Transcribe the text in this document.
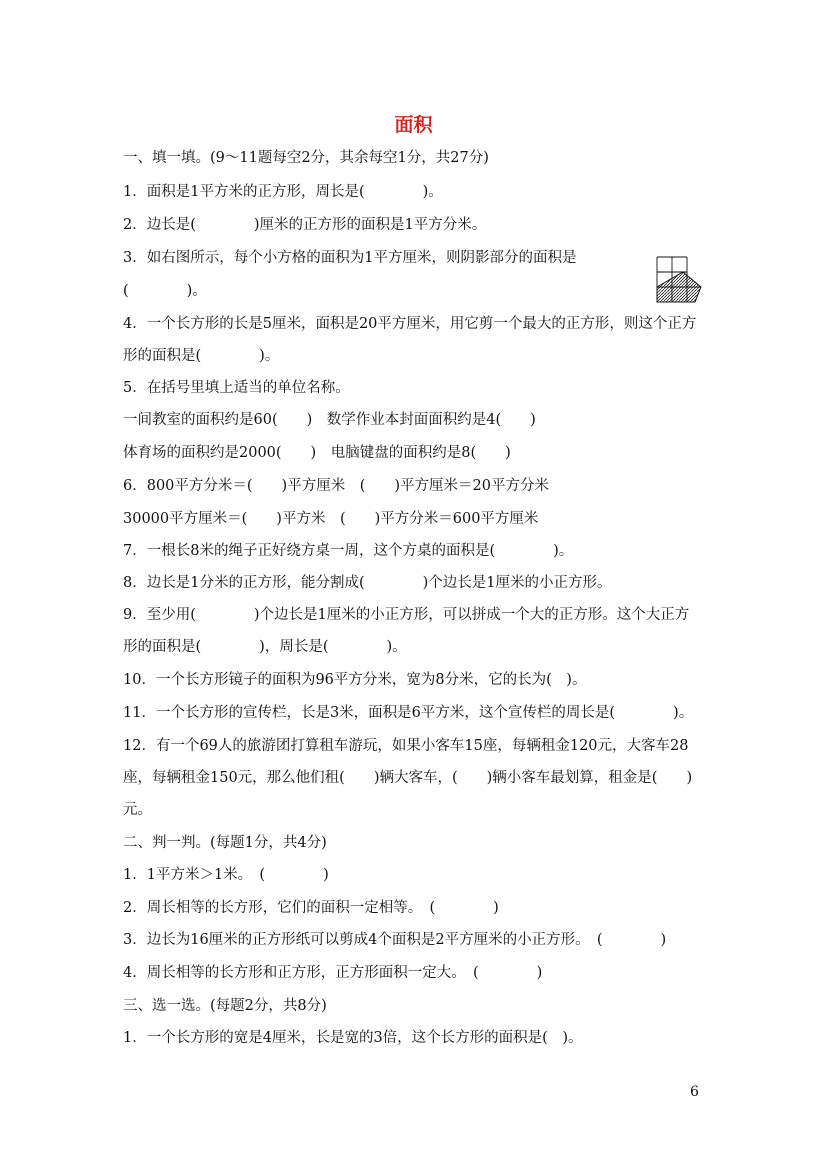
面积
一、填一填。(9～11题每空2分，其余每空1分，共27分)
1．面积是1平方米的正方形，周长是(　　　　)。
2．边长是(　　　　)厘米的正方形的面积是1平方分米。
3．如右图所示，每个小方格的面积为1平方厘米，则阴影部分的面积是
(　　　　)。
4．一个长方形的长是5厘米，面积是20平方厘米，用它剪一个最大的正方形，则这个正方
形的面积是(　　　　)。
5．在括号里填上适当的单位名称。
一间教室的面积约是60(　　)　数学作业本封面面积约是4(　　)
体育场的面积约是2000(　　)　电脑键盘的面积约是8(　　)
6．800平方分米＝(　　)平方厘米　(　　)平方厘米＝20平方分米
30000平方厘米＝(　　)平方米　(　　)平方分米＝600平方厘米
7．一根长8米的绳子正好绕方桌一周，这个方桌的面积是(　　　　)。
8．边长是1分米的正方形，能分割成(　　　　)个边长是1厘米的小正方形。
9．至少用(　　　　)个边长是1厘米的小正方形，可以拼成一个大的正方形。这个大正方
形的面积是(　　　　)，周长是(　　　　)。
10．一个长方形镜子的面积为96平方分米，宽为8分米，它的长为(　)。
11．一个长方形的宣传栏，长是3米，面积是6平方米，这个宣传栏的周长是(　　　　)。
12．有一个69人的旅游团打算租车游玩，如果小客车15座，每辆租金120元，大客车28
座，每辆租金150元，那么他们租(　　)辆大客车，(　　)辆小客车最划算，租金是(　　)
元。
二、判一判。(每题1分，共4分)
1．1平方米＞1米。　(　　　　)
2．周长相等的长方形，它们的面积一定相等。　(　　　　)
3．边长为16厘米的正方形纸可以剪成4个面积是2平方厘米的小正方形。　(　　　　)
4．周长相等的长方形和正方形，正方形面积一定大。　(　　　　)
三、选一选。(每题2分，共8分)
1．一个长方形的宽是4厘米，长是宽的3倍，这个长方形的面积是(　)。
6
